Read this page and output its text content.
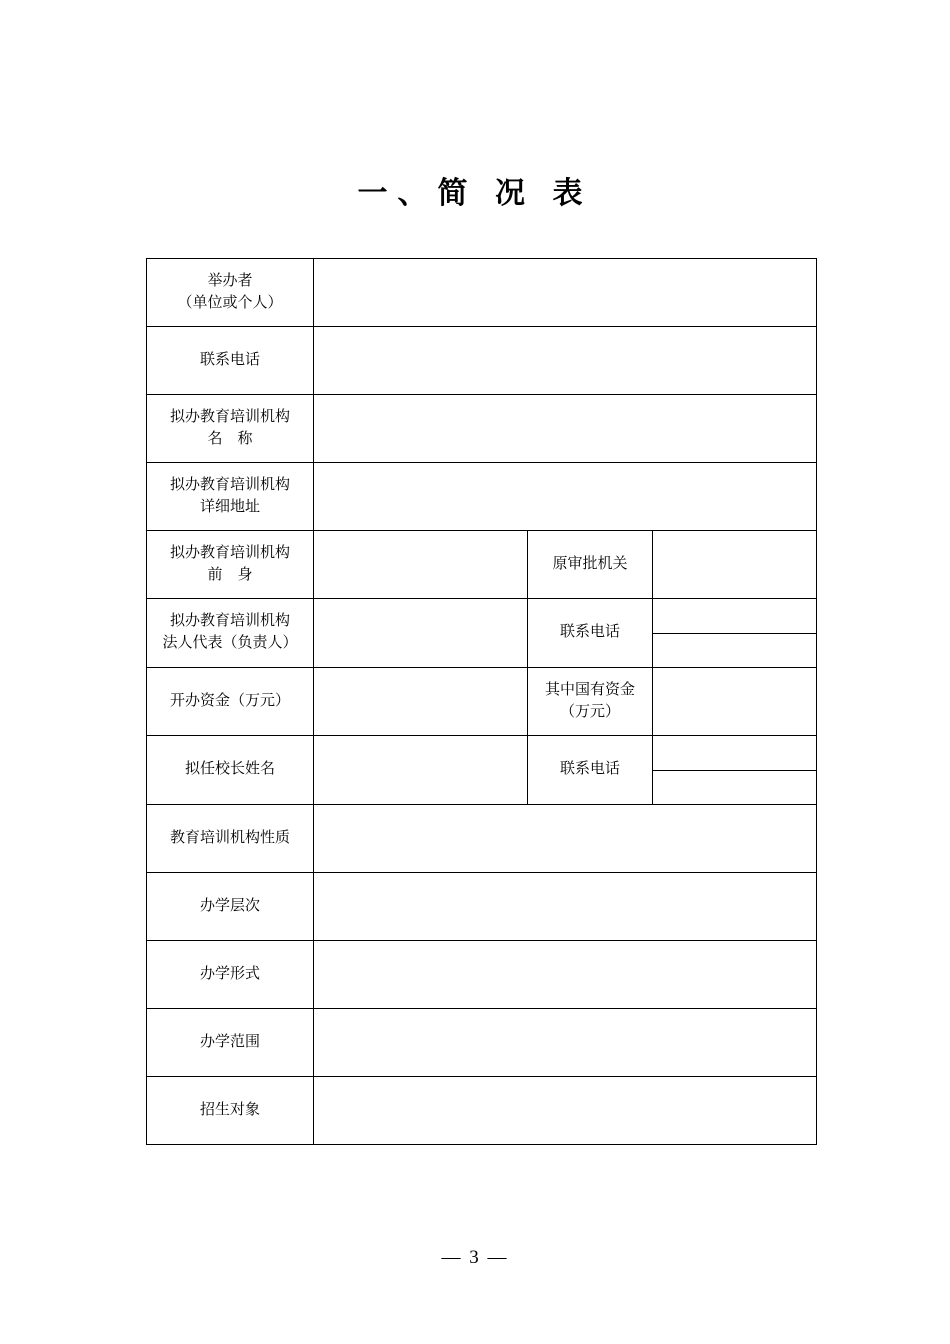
一、简 况 表
举办者
（单位或个人）			

联系电话			

拟办教育培训机构
名    称			

拟办教育培训机构
详细地址			

拟办教育培训机构
前    身		原审批机关	

拟办教育培训机构
法人代表（负责人）		联系电话	

开办资金（万元）		其中国有资金
（万元）	

拟任校长姓名		联系电话	

教育培训机构性质			

办学层次			

办学形式			

办学范围			

招生对象			

— 3 —
